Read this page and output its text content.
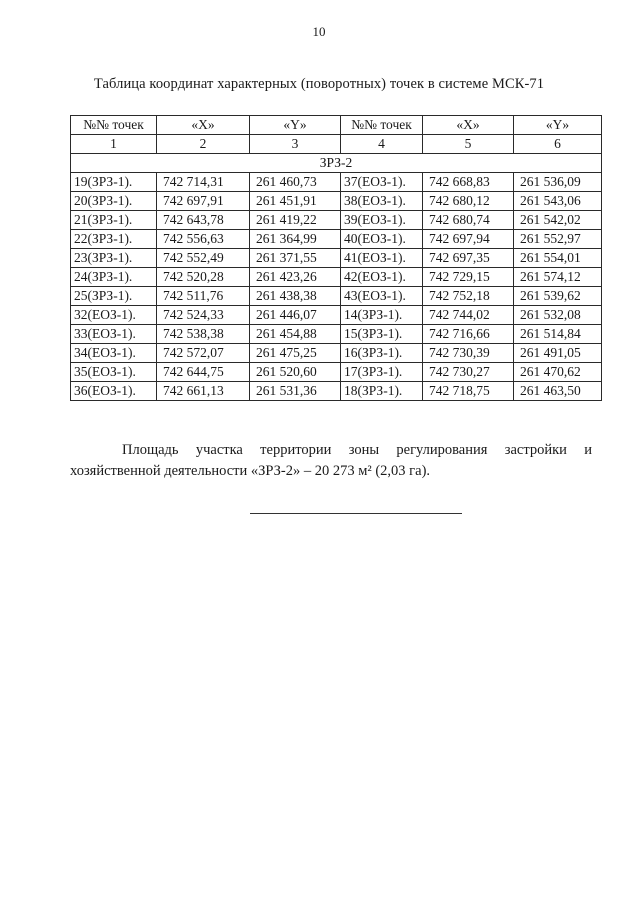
10
Таблица координат характерных (поворотных) точек в системе МСК-71
№№ точек	«X»	«Y»	№№ точек	«X»	«Y»
1	2	3	4	5	6
ЗРЗ-2					
19(ЗРЗ-1).	742 714,31	261 460,73	37(ЕОЗ-1).	742 668,83	261 536,09
20(ЗРЗ-1).	742 697,91	261 451,91	38(ЕОЗ-1).	742 680,12	261 543,06
21(ЗРЗ-1).	742 643,78	261 419,22	39(ЕОЗ-1).	742 680,74	261 542,02
22(ЗРЗ-1).	742 556,63	261 364,99	40(ЕОЗ-1).	742 697,94	261 552,97
23(ЗРЗ-1).	742 552,49	261 371,55	41(ЕОЗ-1).	742 697,35	261 554,01
24(ЗРЗ-1).	742 520,28	261 423,26	42(ЕОЗ-1).	742 729,15	261 574,12
25(ЗРЗ-1).	742 511,76	261 438,38	43(ЕОЗ-1).	742 752,18	261 539,62
32(ЕОЗ-1).	742 524,33	261 446,07	14(ЗРЗ-1).	742 744,02	261 532,08
33(ЕОЗ-1).	742 538,38	261 454,88	15(ЗРЗ-1).	742 716,66	261 514,84
34(ЕОЗ-1).	742 572,07	261 475,25	16(ЗРЗ-1).	742 730,39	261 491,05
35(ЕОЗ-1).	742 644,75	261 520,60	17(ЗРЗ-1).	742 730,27	261 470,62
36(ЕОЗ-1).	742 661,13	261 531,36	18(ЗРЗ-1).	742 718,75	261 463,50
Площадь участка территории зоны регулирования застройки и
хозяйственной деятельности «ЗРЗ-2» – 20 273 м² (2,03 га).
